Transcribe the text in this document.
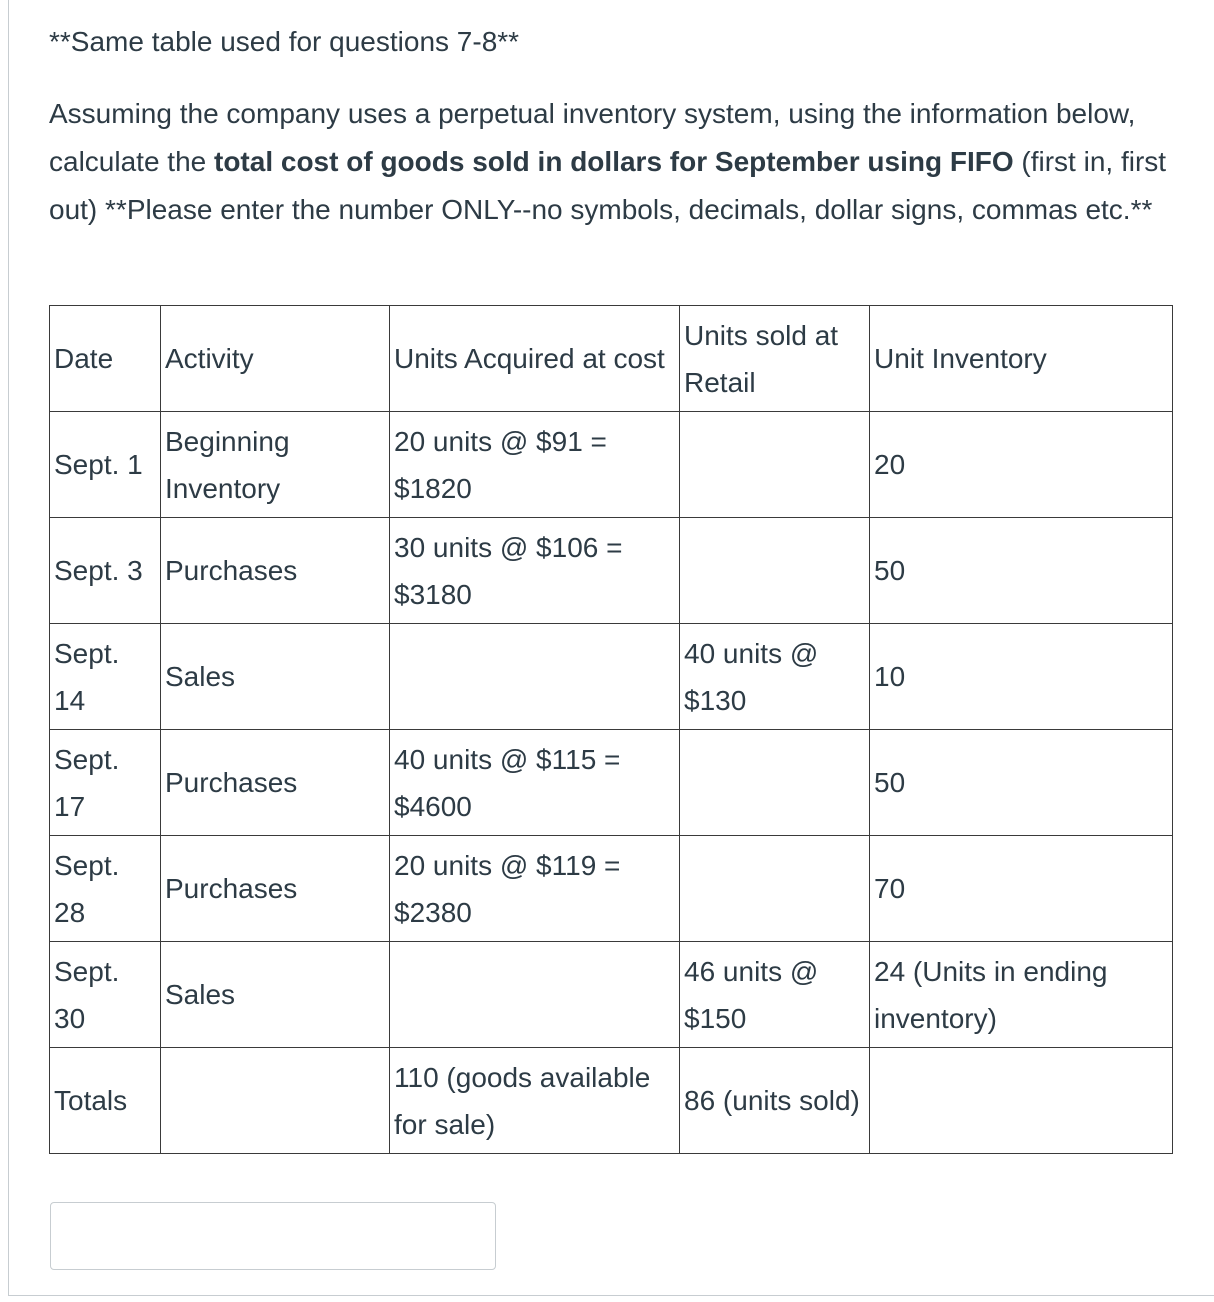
**Same table used for questions 7-8**
Assuming the company uses a perpetual inventory system, using the information below, calculate the total cost of goods sold in dollars for September using FIFO (first in, first out) **Please enter the number ONLY--no symbols, decimals, dollar signs, commas etc.**
Date	Activity	Units Acquired at cost	Units sold at Retail	Unit Inventory
Sept. 1	Beginning Inventory	20 units @ $91 = $1820		20
Sept. 3	Purchases	30 units @ $106 = $3180		50
Sept. 14	Sales		40 units @ $130	10
Sept. 17	Purchases	40 units @ $115 = $4600		50
Sept. 28	Purchases	20 units @ $119 = $2380		70
Sept. 30	Sales		46 units @ $150	24 (Units in ending inventory)
Totals		110 (goods available for sale)	86 (units sold)	
